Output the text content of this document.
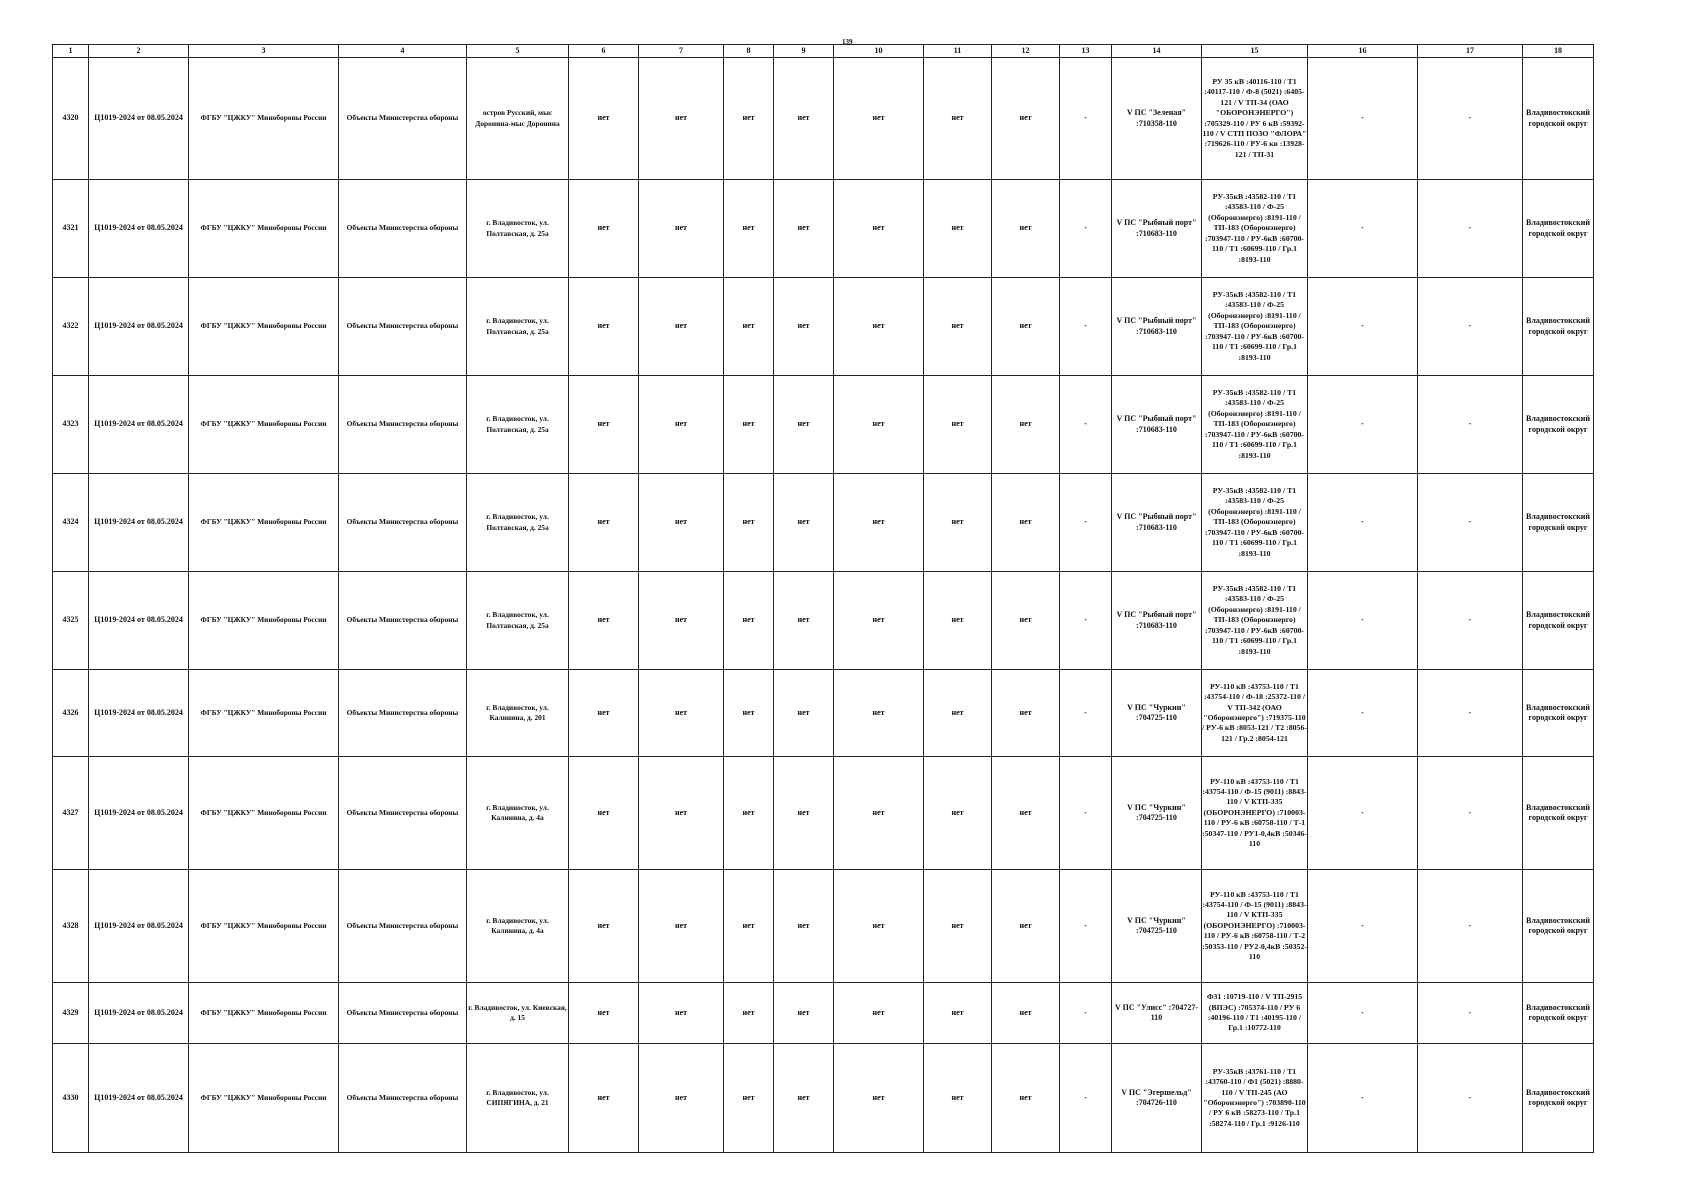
139
1	2	3	4	5	6	7	8	9	10	11	12	13	14	15	16	17	18
4320	Ц1019-2024 от 08.05.2024	ФГБУ "ЦЖКУ" Минобороны России	Объекты Министерства обороны	остров Русский, мыс Доронина-мыс Доронина	нет	нет	нет	нет	нет	нет	нет	-	V ПС "Зеленая" :710358-110	РУ 35 кВ :40116-110 / Т1 :40117-110 / Ф-8 (5021) :6405-121 / V ТП-34 (ОАО "ОБОРОНЭНЕРГО") :705329-110 / РУ 6 кВ :59392-110 / V СТП ПОЗО "ФЛОРА" :719626-110 / РУ-6 кв :13928-121 / ТП-31	-	-	Владивостокский городской округ
4321	Ц1019-2024 от 08.05.2024	ФГБУ "ЦЖКУ" Минобороны России	Объекты Министерства обороны	г. Владивосток, ул. Полтавская, д. 25а	нет	нет	нет	нет	нет	нет	нет	-	V ПС "Рыбный порт" :710683-110	РУ-35кВ :43582-110 / Т1 :43583-110 / Ф-25 (Оборонэнерго) :8191-110 / ТП-183 (Оборонэнерго) :703947-110 / РУ-6кВ :60700-110 / Т1 :60699-110 / Гр.1 :8193-110	-	-	Владивостокский городской округ
4322	Ц1019-2024 от 08.05.2024	ФГБУ "ЦЖКУ" Минобороны России	Объекты Министерства обороны	г. Владивосток, ул. Полтавская, д. 25а	нет	нет	нет	нет	нет	нет	нет	-	V ПС "Рыбный порт" :710683-110	РУ-35кВ :43582-110 / Т1 :43583-110 / Ф-25 (Оборонэнерго) :8191-110 / ТП-183 (Оборонэнерго) :703947-110 / РУ-6кВ :60700-110 / Т1 :60699-110 / Гр.1 :8193-110	-	-	Владивостокский городской округ
4323	Ц1019-2024 от 08.05.2024	ФГБУ "ЦЖКУ" Минобороны России	Объекты Министерства обороны	г. Владивосток, ул. Полтавская, д. 25а	нет	нет	нет	нет	нет	нет	нет	-	V ПС "Рыбный порт" :710683-110	РУ-35кВ :43582-110 / Т1 :43583-110 / Ф-25 (Оборонэнерго) :8191-110 / ТП-183 (Оборонэнерго) :703947-110 / РУ-6кВ :60700-110 / Т1 :60699-110 / Гр.1 :8193-110	-	-	Владивостокский городской округ
4324	Ц1019-2024 от 08.05.2024	ФГБУ "ЦЖКУ" Минобороны России	Объекты Министерства обороны	г. Владивосток, ул. Полтавская, д. 25а	нет	нет	нет	нет	нет	нет	нет	-	V ПС "Рыбный порт" :710683-110	РУ-35кВ :43582-110 / Т1 :43583-110 / Ф-25 (Оборонэнерго) :8191-110 / ТП-183 (Оборонэнерго) :703947-110 / РУ-6кВ :60700-110 / Т1 :60699-110 / Гр.1 :8193-110	-	-	Владивостокский городской округ
4325	Ц1019-2024 от 08.05.2024	ФГБУ "ЦЖКУ" Минобороны России	Объекты Министерства обороны	г. Владивосток, ул. Полтавская, д. 25а	нет	нет	нет	нет	нет	нет	нет	-	V ПС "Рыбный порт" :710683-110	РУ-35кВ :43582-110 / Т1 :43583-110 / Ф-25 (Оборонэнерго) :8191-110 / ТП-183 (Оборонэнерго) :703947-110 / РУ-6кВ :60700-110 / Т1 :60699-110 / Гр.1 :8193-110	-	-	Владивостокский городской округ
4326	Ц1019-2024 от 08.05.2024	ФГБУ "ЦЖКУ" Минобороны России	Объекты Министерства обороны	г. Владивосток, ул. Калинина, д. 201	нет	нет	нет	нет	нет	нет	нет	-	V ПС "Чуркин" :704725-110	РУ-110 кВ :43753-110 / Т1 :43754-110 / Ф-18 :25372-110 / V ТП-342 (ОАО "Оборонэнерго") :719375-110 / РУ-6 кВ :8053-121 / Т2 :8056-121 / Гр.2 :8054-121	-	-	Владивостокский городской округ
4327	Ц1019-2024 от 08.05.2024	ФГБУ "ЦЖКУ" Минобороны России	Объекты Министерства обороны	г. Владивосток, ул. Калинина, д. 4а	нет	нет	нет	нет	нет	нет	нет	-	V ПС "Чуркин" :704725-110	РУ-110 кВ :43753-110 / Т1 :43754-110 / Ф-15 (9011) :8843-110 / V КТП-335 (ОБОРОНЭНЕРГО) :710003-110 / РУ-6 кВ :60758-110 / Т-1 :50347-110 / РУ1-0,4кВ :50346-110	-	-	Владивостокский городской округ
4328	Ц1019-2024 от 08.05.2024	ФГБУ "ЦЖКУ" Минобороны России	Объекты Министерства обороны	г. Владивосток, ул. Калинина, д. 4а	нет	нет	нет	нет	нет	нет	нет	-	V ПС "Чуркин" :704725-110	РУ-110 кВ :43753-110 / Т1 :43754-110 / Ф-15 (9011) :8843-110 / V КТП-335 (ОБОРОНЭНЕРГО) :710003-110 / РУ-6 кВ :60758-110 / Т-2 :50353-110 / РУ2-0,4кВ :50352-110	-	-	Владивостокский городской округ
4329	Ц1019-2024 от 08.05.2024	ФГБУ "ЦЖКУ" Минобороны России	Объекты Министерства обороны	г. Владивосток, ул. Киевская, д. 15	нет	нет	нет	нет	нет	нет	нет	-	V ПС "Улисс" :704727-110	Ф31 :10719-110 / V ТП-2915 (ВПЭС) :705374-110 / РУ 6 :40196-110 / Т1 :40195-110 / Гр.1 :10772-110	-	-	Владивостокский городской округ
4330	Ц1019-2024 от 08.05.2024	ФГБУ "ЦЖКУ" Минобороны России	Объекты Министерства обороны	г. Владивосток, ул. СИПЯГИНА, д. 21	нет	нет	нет	нет	нет	нет	нет	-	V ПС "Эгершельд" :704726-110	РУ-35кВ :43761-110 / Т1 :43760-110 / Ф1 (5021) :8880-110 / V ТП-245 (АО "Оборонэнерго") :703890-110 / РУ 6 кВ :58273-110 / Тр.1 :58274-110 / Гр.1 :9126-110	-	-	Владивостокский городской округ
